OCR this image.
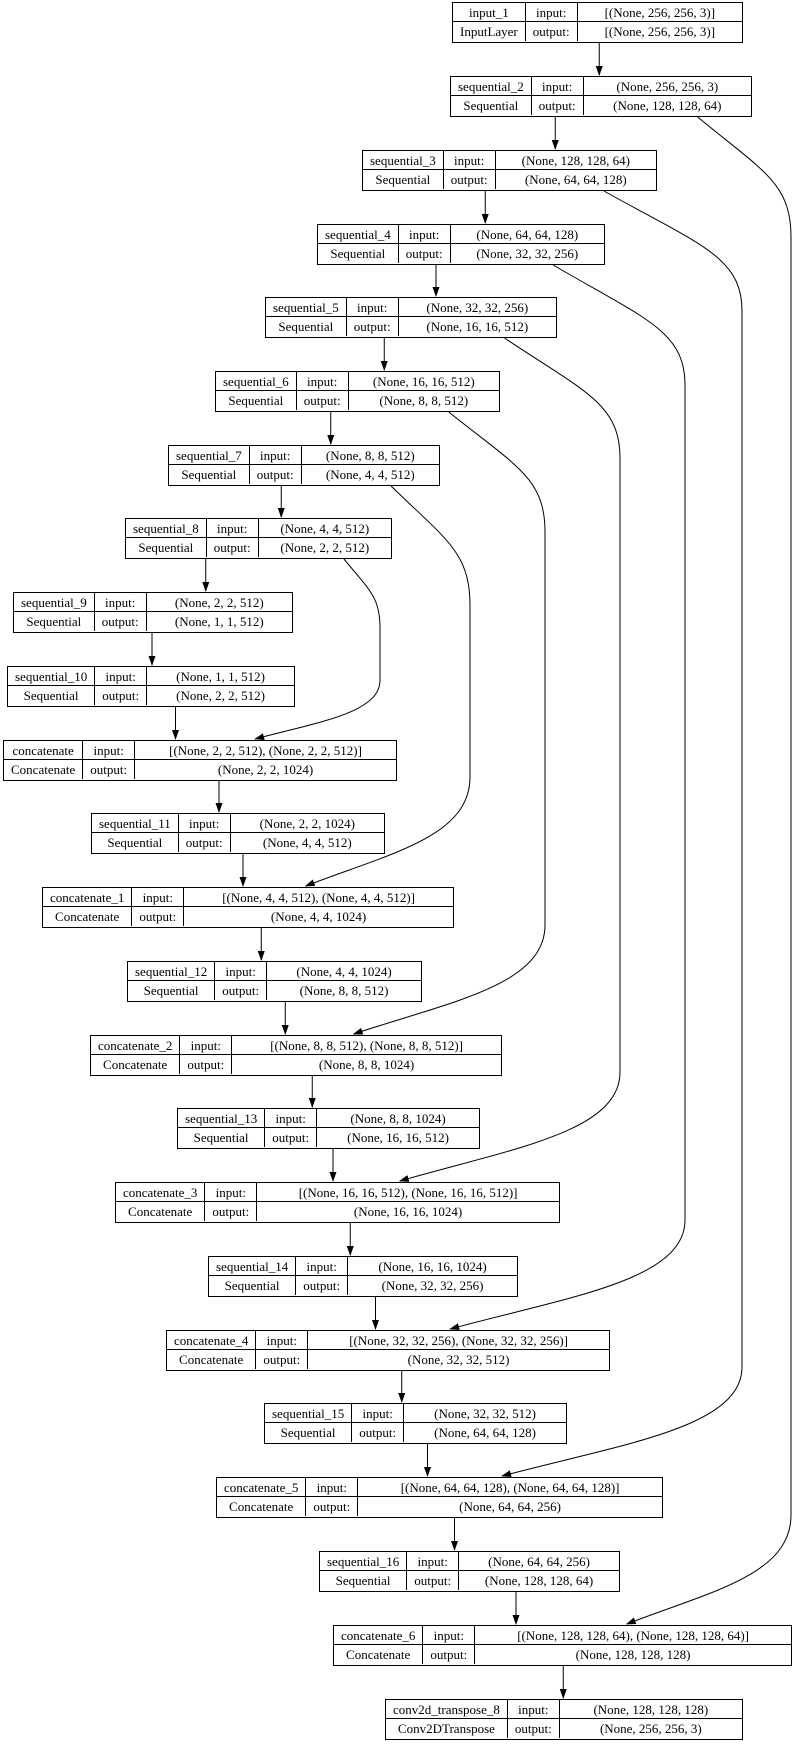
input_1	input:	[(None, 256, 256, 3)]
InputLayer	output:	[(None, 256, 256, 3)]
sequential_2	input:	(None, 256, 256, 3)
Sequential	output:	(None, 128, 128, 64)
sequential_3	input:	(None, 128, 128, 64)
Sequential	output:	(None, 64, 64, 128)
sequential_4	input:	(None, 64, 64, 128)
Sequential	output:	(None, 32, 32, 256)
sequential_5	input:	(None, 32, 32, 256)
Sequential	output:	(None, 16, 16, 512)
sequential_6	input:	(None, 16, 16, 512)
Sequential	output:	(None, 8, 8, 512)
sequential_7	input:	(None, 8, 8, 512)
Sequential	output:	(None, 4, 4, 512)
sequential_8	input:	(None, 4, 4, 512)
Sequential	output:	(None, 2, 2, 512)
sequential_9	input:	(None, 2, 2, 512)
Sequential	output:	(None, 1, 1, 512)
sequential_10	input:	(None, 1, 1, 512)
Sequential	output:	(None, 2, 2, 512)
concatenate	input:	[(None, 2, 2, 512), (None, 2, 2, 512)]
Concatenate	output:	(None, 2, 2, 1024)
sequential_11	input:	(None, 2, 2, 1024)
Sequential	output:	(None, 4, 4, 512)
concatenate_1	input:	[(None, 4, 4, 512), (None, 4, 4, 512)]
Concatenate	output:	(None, 4, 4, 1024)
sequential_12	input:	(None, 4, 4, 1024)
Sequential	output:	(None, 8, 8, 512)
concatenate_2	input:	[(None, 8, 8, 512), (None, 8, 8, 512)]
Concatenate	output:	(None, 8, 8, 1024)
sequential_13	input:	(None, 8, 8, 1024)
Sequential	output:	(None, 16, 16, 512)
concatenate_3	input:	[(None, 16, 16, 512), (None, 16, 16, 512)]
Concatenate	output:	(None, 16, 16, 1024)
sequential_14	input:	(None, 16, 16, 1024)
Sequential	output:	(None, 32, 32, 256)
concatenate_4	input:	[(None, 32, 32, 256), (None, 32, 32, 256)]
Concatenate	output:	(None, 32, 32, 512)
sequential_15	input:	(None, 32, 32, 512)
Sequential	output:	(None, 64, 64, 128)
concatenate_5	input:	[(None, 64, 64, 128), (None, 64, 64, 128)]
Concatenate	output:	(None, 64, 64, 256)
sequential_16	input:	(None, 64, 64, 256)
Sequential	output:	(None, 128, 128, 64)
concatenate_6	input:	[(None, 128, 128, 64), (None, 128, 128, 64)]
Concatenate	output:	(None, 128, 128, 128)
conv2d_transpose_8	input:	(None, 128, 128, 128)
Conv2DTranspose	output:	(None, 256, 256, 3)
